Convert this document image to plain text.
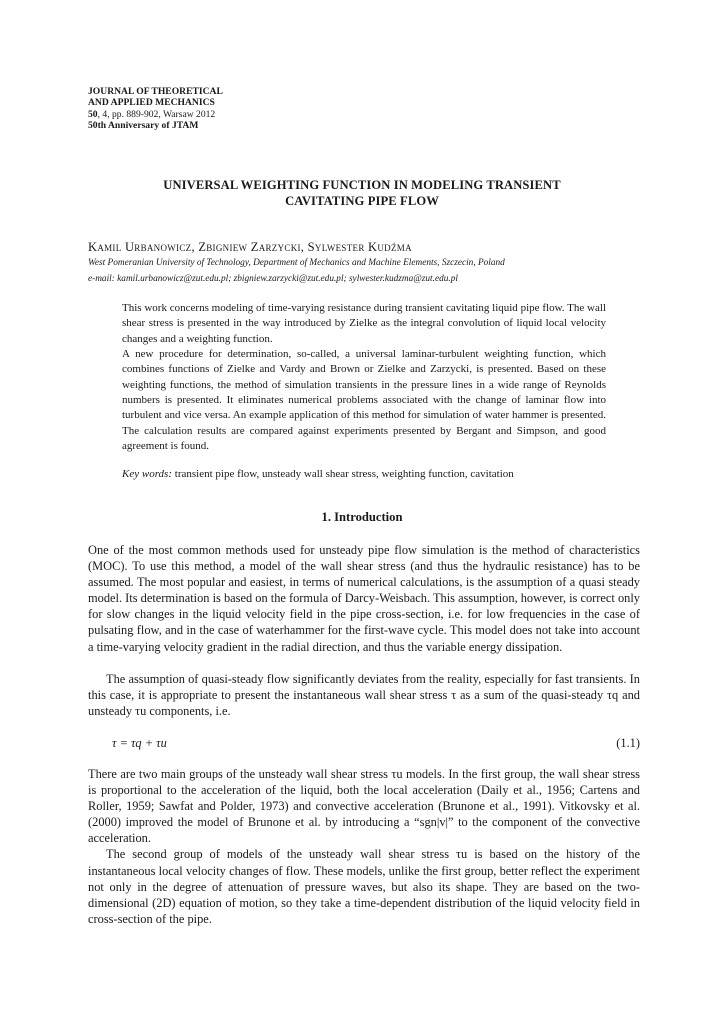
JOURNAL OF THEORETICAL
AND APPLIED MECHANICS
50, 4, pp. 889-902, Warsaw 2012
50th Anniversary of JTAM
UNIVERSAL WEIGHTING FUNCTION IN MODELING TRANSIENT
CAVITATING PIPE FLOW
Kamil Urbanowicz, Zbigniew Zarzycki, Sylwester Kudźma
West Pomeranian University of Technology, Department of Mechanics and Machine Elements, Szczecin, Poland
e-mail: kamil.urbanowicz@zut.edu.pl; zbigniew.zarzycki@zut.edu.pl; sylwester.kudzma@zut.edu.pl

This work concerns modeling of time-varying resistance during transient cavitating liquid pipe flow. The wall shear stress is presented in the way introduced by Zielke as the integral convolution of liquid local velocity changes and a weighting function.

A new procedure for determination, so-called, a universal laminar-turbulent weighting function, which combines functions of Zielke and Vardy and Brown or Zielke and Zarzycki, is presented. Based on these weighting functions, the method of simulation transients in the pressure lines in a wide range of Reynolds numbers is presented. It eliminates numerical problems associated with the change of laminar flow into turbulent and vice versa. An example application of this method for simulation of water hammer is presented. The calculation results are compared against experiments presented by Bergant and Simpson, and good agreement is found.

Key words: transient pipe flow, unsteady wall shear stress, weighting function, cavitation
1. Introduction

One of the most common methods used for unsteady pipe flow simulation is the method of characteristics (MOC). To use this method, a model of the wall shear stress (and thus the hydraulic resistance) has to be assumed. The most popular and easiest, in terms of numerical calculations, is the assumption of a quasi steady model. Its determination is based on the formula of Darcy-Weisbach. This assumption, however, is correct only for slow changes in the liquid velocity field in the pipe cross-section, i.e. for low frequencies in the case of pulsating flow, and in the case of waterhammer for the first-wave cycle. This model does not take into account a time-varying velocity gradient in the radial direction, and thus the variable energy dissipation.

The assumption of quasi-steady flow significantly deviates from the reality, especially for fast transients. In this case, it is appropriate to present the instantaneous wall shear stress τ as a sum of the quasi-steady τq and unsteady τu components, i.e.

τ = τq + τu	(1.1)

There are two main groups of the unsteady wall shear stress τu models. In the first group, the wall shear stress is proportional to the acceleration of the liquid, both the local acceleration (Daily et al., 1956; Cartens and Roller, 1959; Sawfat and Polder, 1973) and convective acceleration (Brunone et al., 1991). Vitkovsky et al. (2000) improved the model of Brunone et al. by introducing a “sgn|v|” to the component of the convective acceleration.

The second group of models of the unsteady wall shear stress τu is based on the history of the instantaneous local velocity changes of flow. These models, unlike the first group, better reflect the experiment not only in the degree of attenuation of pressure waves, but also its shape. They are based on the two-dimensional (2D) equation of motion, so they take a time-dependent distribution of the liquid velocity field in cross-section of the pipe.
